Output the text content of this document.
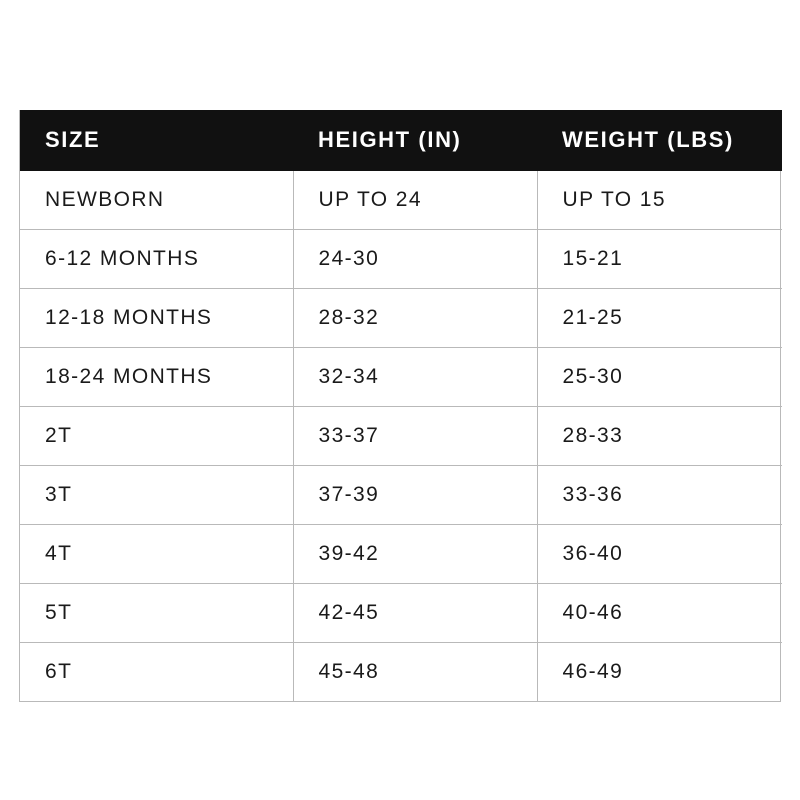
SIZE	HEIGHT (IN)	WEIGHT (LBS)
NEWBORN	UP TO 24	UP TO 15
6-12 MONTHS	24-30	15-21
12-18 MONTHS	28-32	21-25
18-24 MONTHS	32-34	25-30
2T	33-37	28-33
3T	37-39	33-36
4T	39-42	36-40
5T	42-45	40-46
6T	45-48	46-49
